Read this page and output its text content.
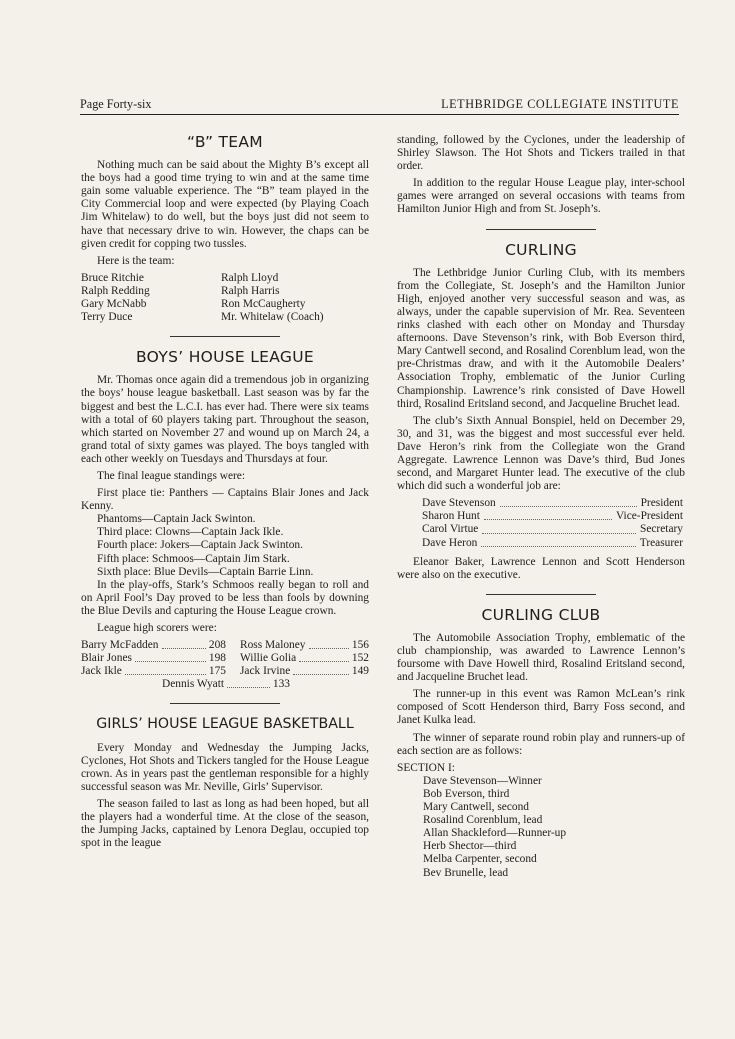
Page Forty-six	LETHBRIDGE COLLEGIATE INSTITUTE
“B” TEAM

Nothing much can be said about the Mighty B’s except all the boys had a good time trying to win and at the same time gain some valuable experience. The “B” team played in the City Commercial loop and were expected (by Playing Coach Jim Whitelaw) to do well, but the boys just did not seem to have that necessary drive to win. However, the chaps can be given credit for copping two tussles.

Here is the team:

Bruce Ritchie	Ralph Lloyd
Ralph Redding	Ralph Harris
Gary McNabb	Ron McCaugherty
Terry Duce	Mr. Whitelaw (Coach)
BOYS’ HOUSE LEAGUE

Mr. Thomas once again did a tremendous job in organizing the boys’ house league basketball. Last season was by far the biggest and best the L.C.I. has ever had. There were six teams with a total of 60 players taking part. Throughout the season, which started on November 27 and wound up on March 24, a grand total of sixty games was played. The boys tangled with each other weekly on Tuesdays and Thursdays at four.

The final league standings were:

First place tie: Panthers — Captains Blair Jones and Jack Kenny.
Phantoms—Captain Jack Swinton.
Third place: Clowns—Captain Jack Ikle.
Fourth place: Jokers—Captain Jack Swinton.
Fifth place: Schmoos—Captain Jim Stark.
Sixth place: Blue Devils—Captain Barrie Linn.

In the play-offs, Stark’s Schmoos really began to roll and on April Fool’s Day proved to be less than fools by downing the Blue Devils and capturing the House League crown.

League high scorers were:

Barry McFadden	208 Ross Maloney	156
Blair Jones	198 Willie Golia	152
Jack Ikle	175 Jack Irvine	149
Dennis Wyatt	133
GIRLS’ HOUSE LEAGUE BASKETBALL

Every Monday and Wednesday the Jumping Jacks, Cyclones, Hot Shots and Tickers tangled for the House League crown. As in years past the gentleman responsible for a highly successful season was Mr. Neville, Girls’ Supervisor.

The season failed to last as long as had been hoped, but all the players had a wonderful time. At the close of the season, the Jumping Jacks, captained by Lenora Deglau, occupied top spot in the league

standing, followed by the Cyclones, under the leadership of Shirley Slawson. The Hot Shots and Tickers trailed in that order.

In addition to the regular House League play, inter-school games were arranged on several occasions with teams from Hamilton Junior High and from St. Joseph’s.

CURLING

The Lethbridge Junior Curling Club, with its members from the Collegiate, St. Joseph’s and the Hamilton Junior High, enjoyed another very successful season and was, as always, under the capable supervision of Mr. Rea. Seventeen rinks clashed with each other on Monday and Thursday afternoons. Dave Stevenson’s rink, with Bob Everson third, Mary Cantwell second, and Rosalind Corenblum lead, won the pre-Christmas draw, and with it the Automobile Dealers’ Association Trophy, emblematic of the Junior Curling Championship. Lawrence’s rink consisted of Dave Howell third, Rosalind Eritsland second, and Jacqueline Bruchet lead.

The club’s Sixth Annual Bonspiel, held on December 29, 30, and 31, was the biggest and most successful ever held. Dave Heron’s rink from the Collegiate won the Grand Aggregate. Lawrence Lennon was Dave’s third, Bud Jones second, and Margaret Hunter lead. The executive of the club which did such a wonderful job are:

Dave Stevenson	President
Sharon Hunt	Vice-President
Carol Virtue	Secretary
Dave Heron	Treasurer

Eleanor Baker, Lawrence Lennon and Scott Henderson were also on the executive.

CURLING CLUB

The Automobile Association Trophy, emblematic of the club championship, was awarded to Lawrence Lennon’s foursome with Dave Howell third, Rosalind Eritsland second, and Jacqueline Bruchet lead.

The runner-up in this event was Ramon McLean’s rink composed of Scott Henderson third, Barry Foss second, and Janet Kulka lead.

The winner of separate round robin play and runners-up of each section are as follows:

SECTION I:
Dave Stevenson—Winner
Bob Everson, third
Mary Cantwell, second
Rosalind Corenblum, lead
Allan Shackleford—Runner-up
Herb Shector—third
Melba Carpenter, second
Bev Brunelle, lead
